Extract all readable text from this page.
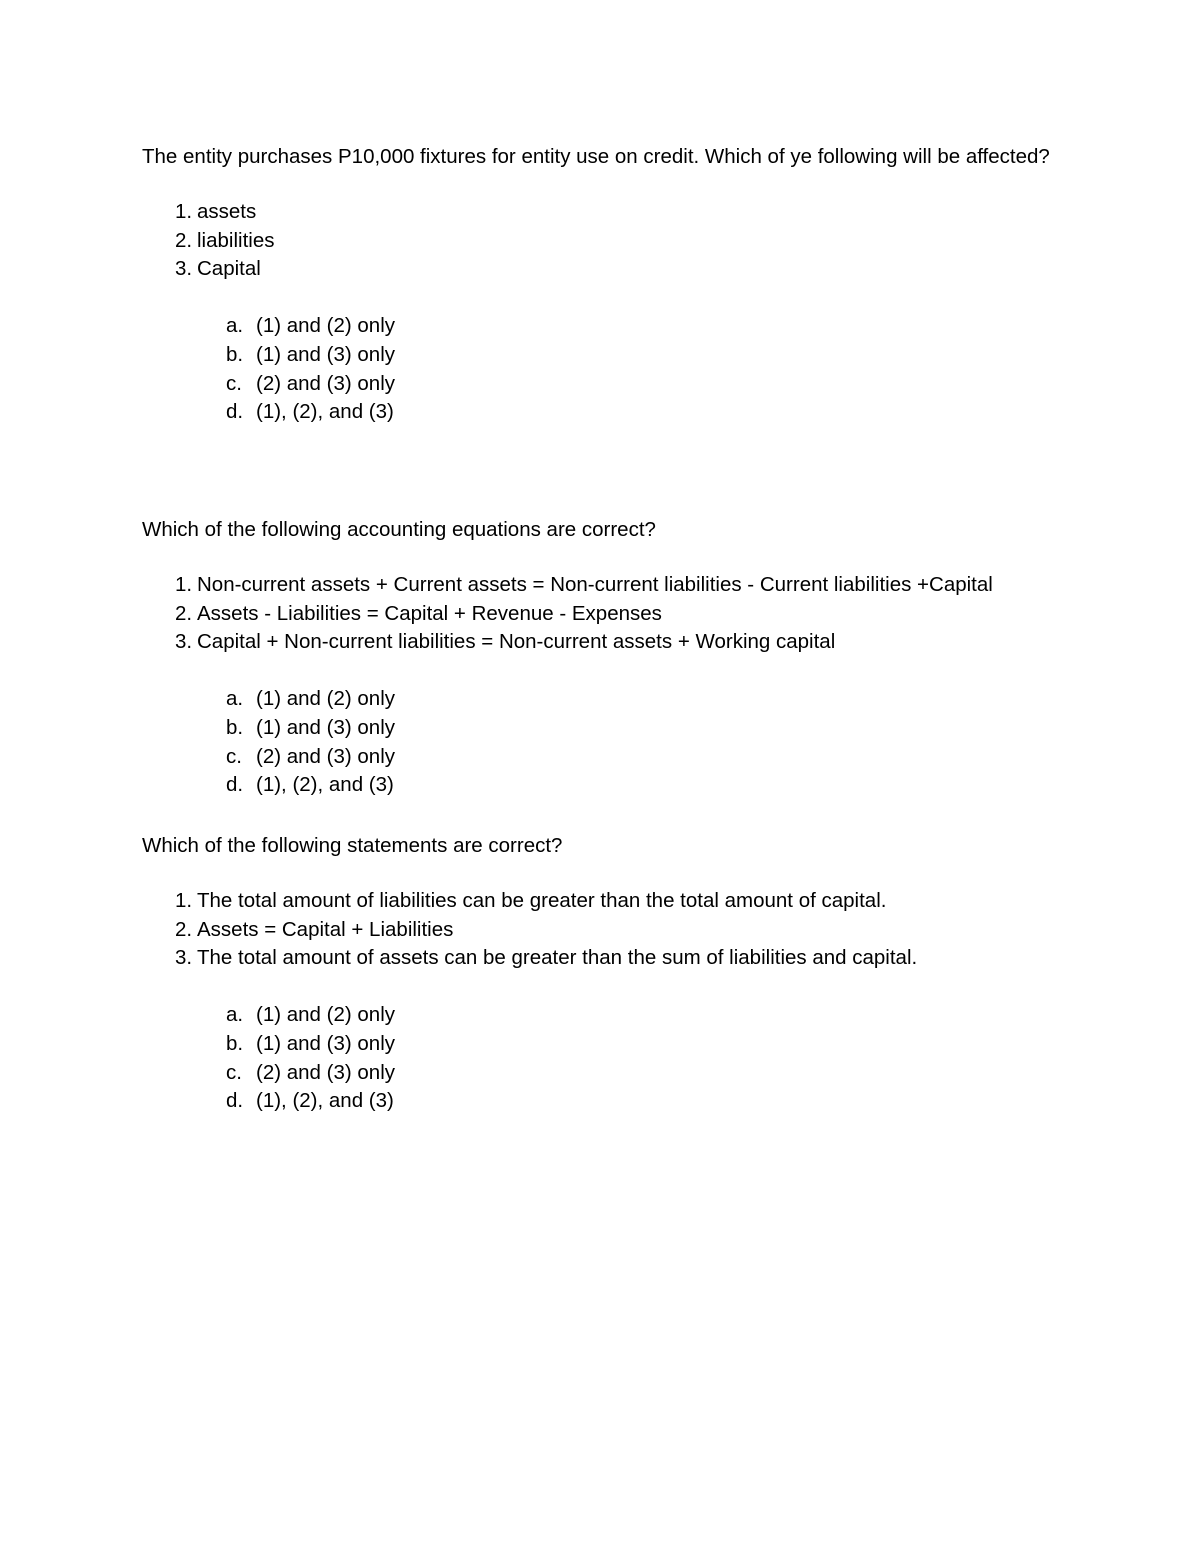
The entity purchases P10,000 fixtures for entity use on credit. Which of ye following will be affected?

1. assets
2. liabilities
3. Capital
a. (1) and (2) only
b. (1) and (3) only
c. (2) and (3) only
d. (1), (2), and (3)

Which of the following accounting equations are correct?

1. Non-current assets + Current assets = Non-current liabilities - Current liabilities +Capital
2. Assets - Liabilities = Capital + Revenue - Expenses
3. Capital + Non-current liabilities = Non-current assets + Working capital
a. (1) and (2) only
b. (1) and (3) only
c. (2) and (3) only
d. (1), (2), and (3)

Which of the following statements are correct?

1. The total amount of liabilities can be greater than the total amount of capital.
2. Assets = Capital + Liabilities
3. The total amount of assets can be greater than the sum of liabilities and capital.
a. (1) and (2) only
b. (1) and (3) only
c. (2) and (3) only
d. (1), (2), and (3)
